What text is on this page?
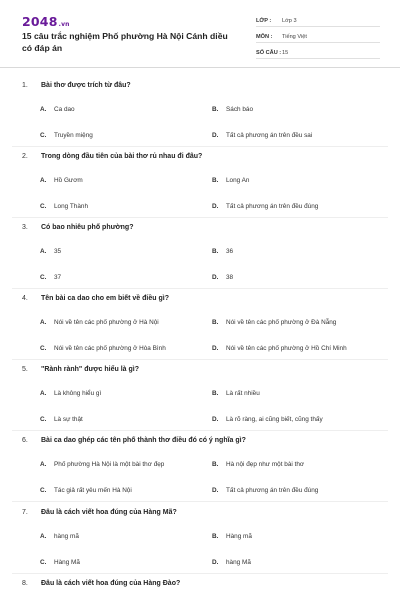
2048.vn
15 câu trắc nghiệm Phố phường Hà Nội Cánh diều có đáp án
LỚP : Lớp 3
MÔN : Tiếng Việt
SỐ CÂU : 15
1. Bài thơ được trích từ đâu?
A. Ca dao	B. Sách báo
C. Truyền miệng	D. Tất cả phương án trên đều sai
2. Trong dòng đầu tiên của bài thơ rủ nhau đi đâu?
A. Hồ Gươm	B. Long An
C. Long Thành	D. Tất cả phương án trên đều đúng
3. Có bao nhiêu phố phường?
A. 35	B. 36
C. 37	D. 38
4. Tên bài ca dao cho em biết về điều gì?
A. Nói về tên các phố phường ở Hà Nội	B. Nói về tên các phố phường ở Đà Nẵng
C. Nói về tên các phố phường ở Hòa Bình	D. Nói về tên các phố phường ở Hồ Chí Minh
5. "Rành rành" được hiểu là gì?
A. Là không hiểu gì	B. Là rất nhiều
C. Là sự thật	D. Là rõ ràng, ai cũng biết, cũng thấy
6. Bài ca dao ghép các tên phố thành thơ điều đó có ý nghĩa gì?
A. Phố phường Hà Nội là một bài thơ đẹp	B. Hà nội đẹp như một bài thơ
C. Tác giả rất yêu mến Hà Nội	D. Tất cả phương án trên đều đúng
7. Đâu là cách viết hoa đúng của Hàng Mã?
A. hàng mã	B. Hàng mã
C. Hàng Mã	D. hàng Mã
8. Đâu là cách viết hoa đúng của Hàng Đào?
